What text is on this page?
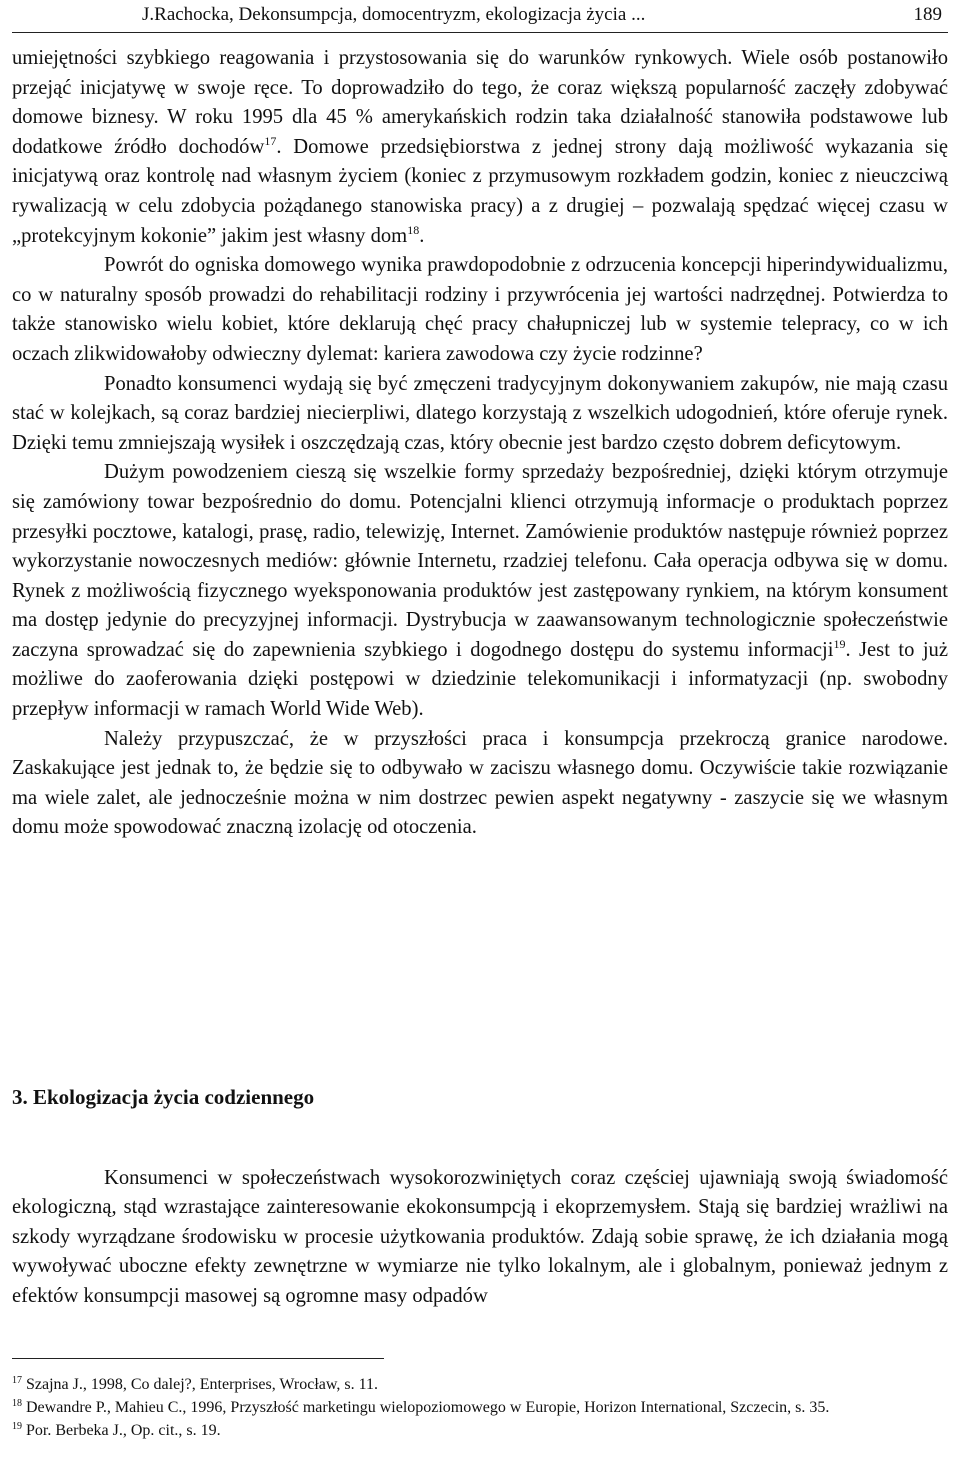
J.Rachocka, Dekonsumpcja, domocentryzm, ekologizacja życia ...	189

umiejętności szybkiego reagowania i przystosowania się do warunków rynkowych. Wiele osób postanowiło przejąć inicjatywę w swoje ręce. To doprowadziło do tego, że coraz większą popularność zaczęły zdobywać domowe biznesy. W roku 1995 dla 45 % amerykańskich rodzin taka działalność stanowiła podstawowe lub dodatkowe źródło dochodów$^{17}$. Domowe przedsiębiorstwa z jednej strony dają możliwość wykazania się inicjatywą oraz kontrolę nad własnym życiem (koniec z przymusowym rozkładem godzin, koniec z nieuczciwą rywalizacją w celu zdobycia pożądanego stanowiska pracy) a z drugiej – pozwalają spędzać więcej czasu w „protekcyjnym kokonie” jakim jest własny dom$^{18}$.

Powrót do ogniska domowego wynika prawdopodobnie z odrzucenia koncepcji hiperindywidualizmu, co w naturalny sposób prowadzi do rehabilitacji rodziny i przywrócenia jej wartości nadrzędnej. Potwierdza to także stanowisko wielu kobiet, które deklarują chęć pracy chałupniczej lub w systemie telepracy, co w ich oczach zlikwidowałoby odwieczny dylemat: kariera zawodowa czy życie rodzinne?

Ponadto konsumenci wydają się być zmęczeni tradycyjnym dokonywaniem zakupów, nie mają czasu stać w kolejkach, są coraz bardziej niecierpliwi, dlatego korzystają z wszelkich udogodnień, które oferuje rynek. Dzięki temu zmniejszają wysiłek i oszczędzają czas, który obecnie jest bardzo często dobrem deficytowym.

Dużym powodzeniem cieszą się wszelkie formy sprzedaży bezpośredniej, dzięki którym otrzymuje się zamówiony towar bezpośrednio do domu. Potencjalni klienci otrzymują informacje o produktach poprzez przesyłki pocztowe, katalogi, prasę, radio, telewizję, Internet. Zamówienie produktów następuje również poprzez wykorzystanie nowoczesnych mediów: głównie Internetu, rzadziej telefonu. Cała operacja odbywa się w domu. Rynek z możliwością fizycznego wyeksponowania produktów jest zastępowany rynkiem, na którym konsument ma dostęp jedynie do precyzyjnej informacji. Dystrybucja w zaawansowanym technologicznie społeczeństwie zaczyna sprowadzać się do zapewnienia szybkiego i dogodnego dostępu do systemu informacji$^{19}$. Jest to już możliwe do zaoferowania dzięki postępowi w dziedzinie telekomunikacji i informatyzacji (np. swobodny przepływ informacji w ramach World Wide Web).

Należy przypuszczać, że w przyszłości praca i konsumpcja przekroczą granice narodowe. Zaskakujące jest jednak to, że będzie się to odbywało w zaciszu własnego domu. Oczywiście takie rozwiązanie ma wiele zalet, ale jednocześnie można w nim dostrzec pewien aspekt negatywny - zaszycie się we własnym domu może spowodować znaczną izolację od otoczenia.

3. Ekologizacja życia codziennego

Konsumenci w społeczeństwach wysokorozwiniętych coraz częściej ujawniają swoją świadomość ekologiczną, stąd wzrastające zainteresowanie ekokonsumpcją i ekoprzemysłem. Stają się bardziej wrażliwi na szkody wyrządzane środowisku w procesie użytkowania produktów. Zdają sobie sprawę, że ich działania mogą wywoływać uboczne efekty zewnętrzne w wymiarze nie tylko lokalnym, ale i globalnym, ponieważ jednym z efektów konsumpcji masowej są ogromne masy odpadów

$^{17}$ Szajna J., 1998, Co dalej?, Enterprises, Wrocław, s. 11.

$^{18}$ Dewandre P., Mahieu C., 1996, Przyszłość marketingu wielopoziomowego w Europie, Horizon International, Szczecin, s. 35.

$^{19}$ Por. Berbeka J., Op. cit., s. 19.
